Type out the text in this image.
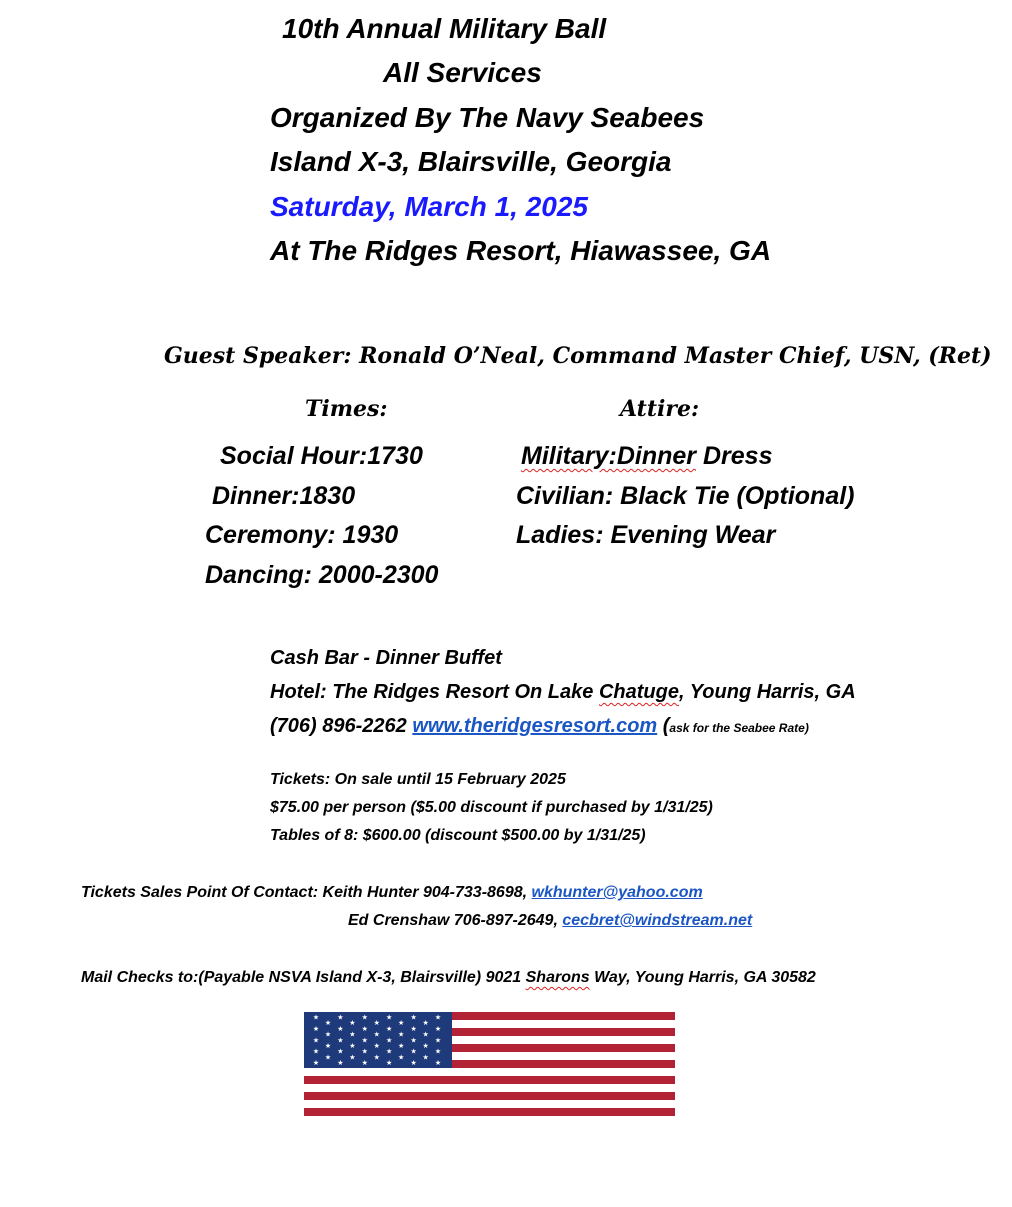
10th Annual Military Ball

All Services

Organized By The Navy Seabees

Island X-3, Blairsville, Georgia

Saturday, March 1, 2025

At The Ridges Resort, Hiawassee, GA

Guest Speaker: Ronald O’Neal, Command Master Chief, USN, (Ret)

Times:

Social Hour:1730

Dinner:1830

Ceremony: 1930

Dancing: 2000-2300

Attire:

Military:Dinner Dress

Civilian: Black Tie (Optional)

Ladies: Evening Wear

Cash Bar - Dinner Buffet

Hotel: The Ridges Resort On Lake Chatuge, Young Harris, GA

(706) 896-2262 www.theridgesresort.com (ask for the Seabee Rate)

Tickets: On sale until 15 February 2025

$75.00 per person ($5.00 discount if purchased by 1/31/25)

Tables of 8: $600.00 (discount $500.00 by 1/31/25)

Tickets Sales Point Of Contact: Keith Hunter 904-733-8698, wkhunter@yahoo.com

Ed Crenshaw 706-897-2649, cecbret@windstream.net

Mail Checks to:(Payable NSVA Island X-3, Blairsville) 9021 Sharons Way, Young Harris, GA 30582

★	★	★	★	★	★
★	★	★	★	★
★	★	★	★	★	★
★	★	★	★	★
★	★	★	★	★	★
★	★	★	★	★
★	★	★	★	★	★
★	★	★	★	★
★	★	★	★	★	★
